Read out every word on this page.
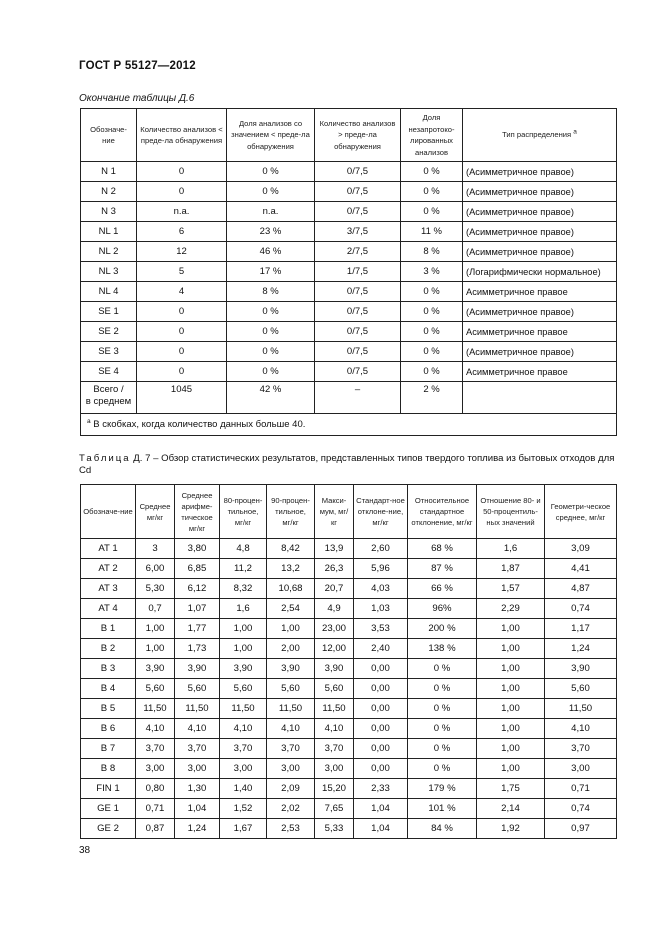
ГОСТ Р 55127—2012
Окончание таблицы Д.6
Обозначе- ние	Количество анализов < преде-ла обнаружения	Доля анализов со значением < преде-ла обнаружения	Количество анализов > преде-ла обнаружения	Доля незапротоко-лированных анализов	Тип распределения $^a$
N 1	0	0 %	0/7,5	0 %	(Асимметричное правое)
N 2	0	0 %	0/7,5	0 %	(Асимметричное правое)
N 3	n.a.	n.a.	0/7,5	0 %	(Асимметричное правое)
NL 1	6	23 %	3/7,5	11 %	(Асимметричное правое)
NL 2	12	46 %	2/7,5	8 %	(Асимметричное правое)
NL 3	5	17 %	1/7,5	3 %	(Логарифмически нормальное)
NL 4	4	8 %	0/7,5	0 %	Асимметричное правое
SE 1	0	0 %	0/7,5	0 %	(Асимметричное правое)
SE 2	0	0 %	0/7,5	0 %	Асимметричное правое
SE 3	0	0 %	0/7,5	0 %	(Асимметричное правое)
SE 4	0	0 %	0/7,5	0 %	Асимметричное правое
Всего /
в среднем	1045	42 %	–	2 %	
$^a$ В скобках, когда количество данных больше 40.					
Таблица Д. 7 – Обзор статистических результатов, представленных типов твердого топлива из бытовых отходов для Cd
Обозначе-ние	Среднее мг/кг	Среднее арифме-тическое мг/кг	80-процен-тильное, мг/кг	90-процен-тильное, мг/кг	Макси-мум, мг/кг	Стандарт-ное отклоне-ние, мг/кг	Относительное стандартное отклонение, мг/кг	Отношение 80- и 50-процентиль-ных значений	Геометри-ческое среднее, мг/кг
AT 1	3	3,80	4,8	8,42	13,9	2,60	68 %	1,6	3,09
AT 2	6,00	6,85	11,2	13,2	26,3	5,96	87 %	1,87	4,41
AT 3	5,30	6,12	8,32	10,68	20,7	4,03	66 %	1,57	4,87
AT 4	0,7	1,07	1,6	2,54	4,9	1,03	96%	2,29	0,74
B 1	1,00	1,77	1,00	1,00	23,00	3,53	200 %	1,00	1,17
B 2	1,00	1,73	1,00	2,00	12,00	2,40	138 %	1,00	1,24
B 3	3,90	3,90	3,90	3,90	3,90	0,00	0 %	1,00	3,90
B 4	5,60	5,60	5,60	5,60	5,60	0,00	0 %	1,00	5,60
B 5	11,50	11,50	11,50	11,50	11,50	0,00	0 %	1,00	11,50
B 6	4,10	4,10	4,10	4,10	4,10	0,00	0 %	1,00	4,10
B 7	3,70	3,70	3,70	3,70	3,70	0,00	0 %	1,00	3,70
B 8	3,00	3,00	3,00	3,00	3,00	0,00	0 %	1,00	3,00
FIN 1	0,80	1,30	1,40	2,09	15,20	2,33	179 %	1,75	0,71
GE 1	0,71	1,04	1,52	2,02	7,65	1,04	101 %	2,14	0,74
GE 2	0,87	1,24	1,67	2,53	5,33	1,04	84 %	1,92	0,97
38
